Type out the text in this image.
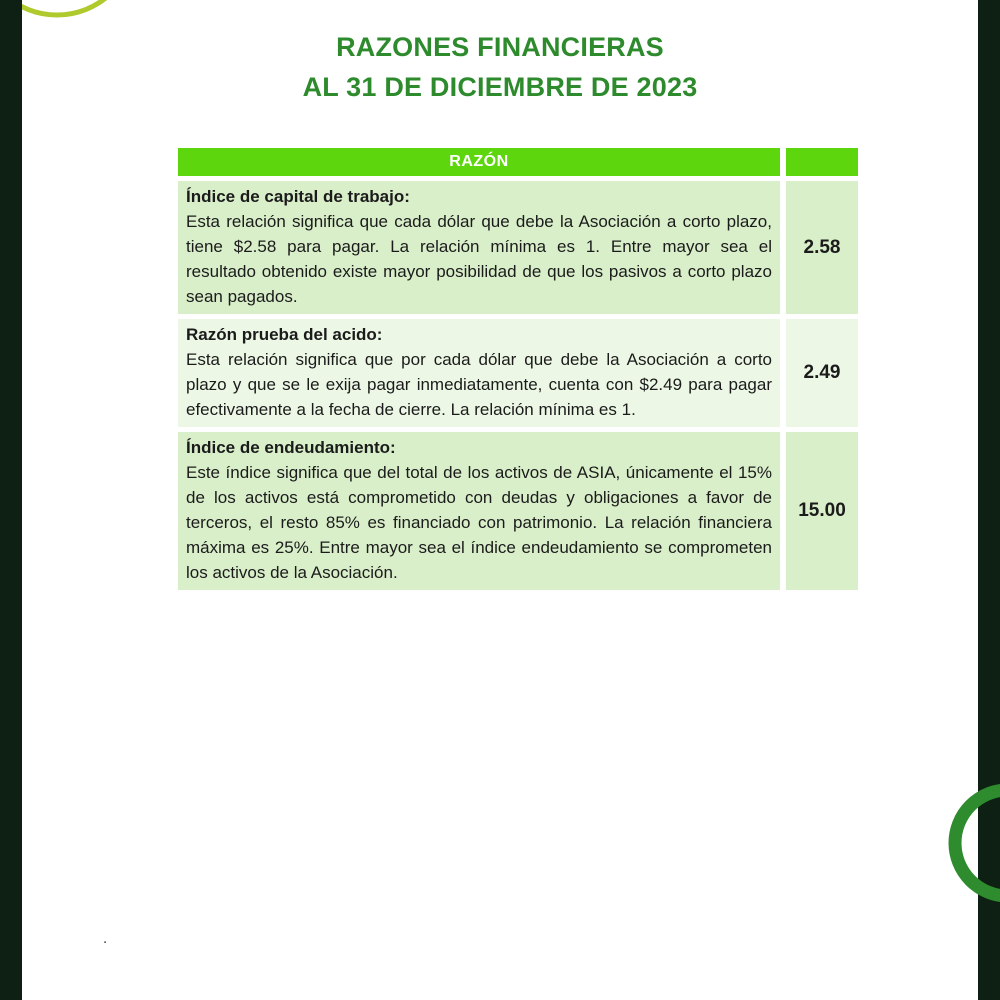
RAZONES FINANCIERAS
AL 31 DE DICIEMBRE DE 2023
RAZÓN
Índice de capital de trabajo:
Esta relación significa que cada dólar que debe la Asociación a corto plazo, tiene $2.58 para pagar. La relación mínima es 1. Entre mayor sea el resultado obtenido existe mayor posibilidad de que los pasivos a corto plazo sean pagados.
2.58
Razón prueba del acido:
Esta relación significa que por cada dólar que debe la Asociación a corto plazo y que se le exija pagar inmediatamente, cuenta con $2.49 para pagar efectivamente a la fecha de cierre. La relación mínima es 1.
2.49
Índice de endeudamiento:
Este índice significa que del total de los activos de ASIA, únicamente el 15% de los activos está comprometido con deudas y obligaciones a favor de terceros, el resto 85% es financiado con patrimonio. La relación financiera máxima es 25%. Entre mayor sea el índice endeudamiento se comprometen los activos de la Asociación.
15.00
.
